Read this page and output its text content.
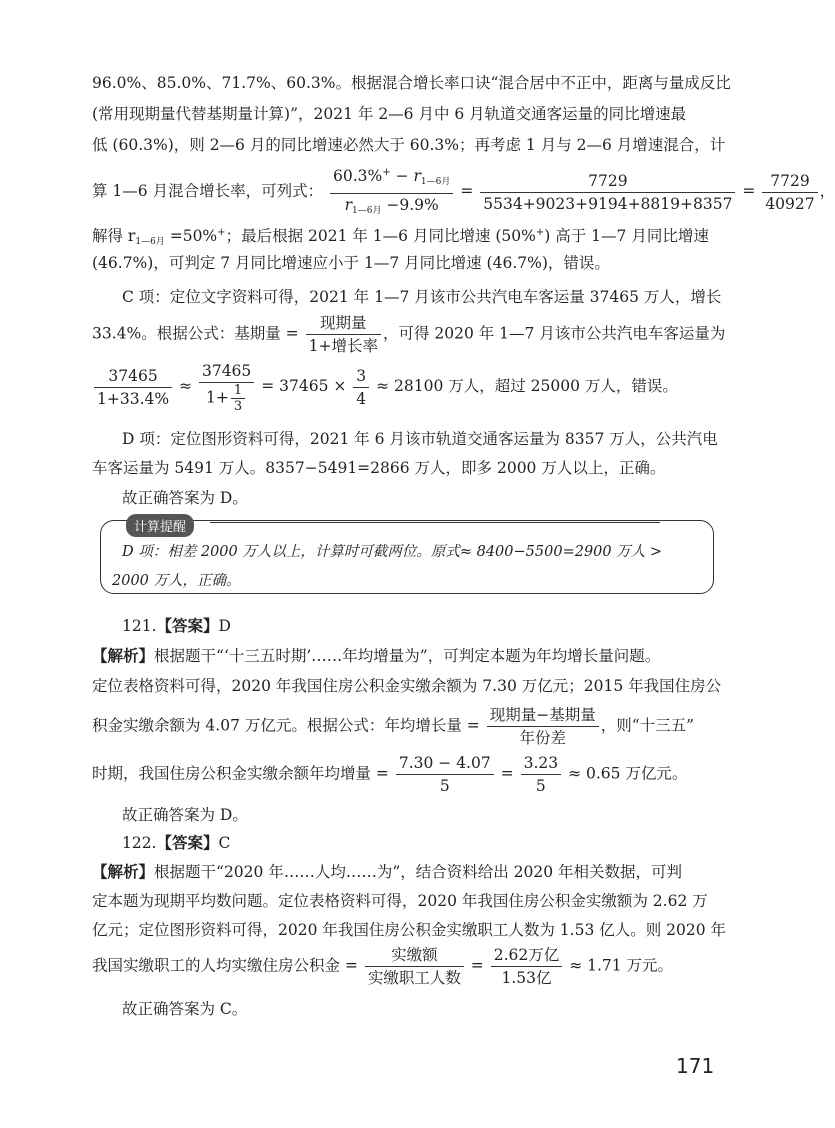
96.0%、85.0%、71.7%、60.3%。根据混合增长率口诀“混合居中不正中，距离与量成反比
(常用现期量代替基期量计算)”，2021 年 2—6 月中 6 月轨道交通客运量的同比增速最
低 (60.3%)，则 2—6 月的同比增速必然大于 60.3%；再考虑 1 月与 2—6 月增速混合，计
算 1—6 月混合增长率，可列式： $\frac{60.3\%^+ - r_{1—6月}}{r_{1—6月} -9.9\%} = \frac{7729}{5534+9023+9194+8819+8357} = \frac{7729}{40927}$ ，
解得 $r_{1—6月} =50\%^+$；最后根据 2021 年 1—6 月同比增速 (50%+) 高于 1—7 月同比增速
(46.7%)，可判定 7 月同比增速应小于 1—7 月同比增速 (46.7%)，错误。
C 项：定位文字资料可得，2021 年 1—7 月该市公共汽电车客运量 37465 万人，增长
33.4%。根据公式：基期量 = $\frac{\text{现期量}}{\text{1+增长率}}$ ，可得 2020 年 1—7 月该市公共汽电车客运量为
$\frac{37465}{1+33.4\%} \approx \frac{37465}{1+ \frac{1}{3}} = 37465 \times \frac{3}{4} \approx 28100$ 万人，超过 25000 万人，错误。
D 项：定位图形资料可得，2021 年 6 月该市轨道交通客运量为 8357 万人，公共汽电
车客运量为 5491 万人。8357−5491=2866 万人，即多 2000 万人以上，正确。
故正确答案为 D。
计算提醒
D 项：相差 2000 万人以上，计算时可截两位。原式≈ 8400−5500=2900 万人 >
2000 万人，正确。
121.【答案】D
【解析】根据题干“‘十三五时期’……年均增量为”，可判定本题为年均增长量问题。
定位表格资料可得，2020 年我国住房公积金实缴余额为 7.30 万亿元；2015 年我国住房公
积金实缴余额为 4.07 万亿元。根据公式：年均增长量 = $\frac{\text{现期量−基期量}}{\text{年份差}}$ ，则“十三五”
时期，我国住房公积金实缴余额年均增量 = $\frac{7.30 - 4.07}{5} = \frac{3.23}{5} \approx 0.65$ 万亿元。
故正确答案为 D。
122.【答案】C
【解析】根据题干“2020 年……人均……为”，结合资料给出 2020 年相关数据，可判
定本题为现期平均数问题。定位表格资料可得，2020 年我国住房公积金实缴额为 2.62 万
亿元；定位图形资料可得，2020 年我国住房公积金实缴职工人数为 1.53 亿人。则 2020 年
我国实缴职工的人均实缴住房公积金 = $\frac{\text{实缴额}}{\text{实缴职工人数}} = \frac{\text{2.62万亿}}{\text{1.53亿}} \approx 1.71$ 万元。
故正确答案为 C。
171
